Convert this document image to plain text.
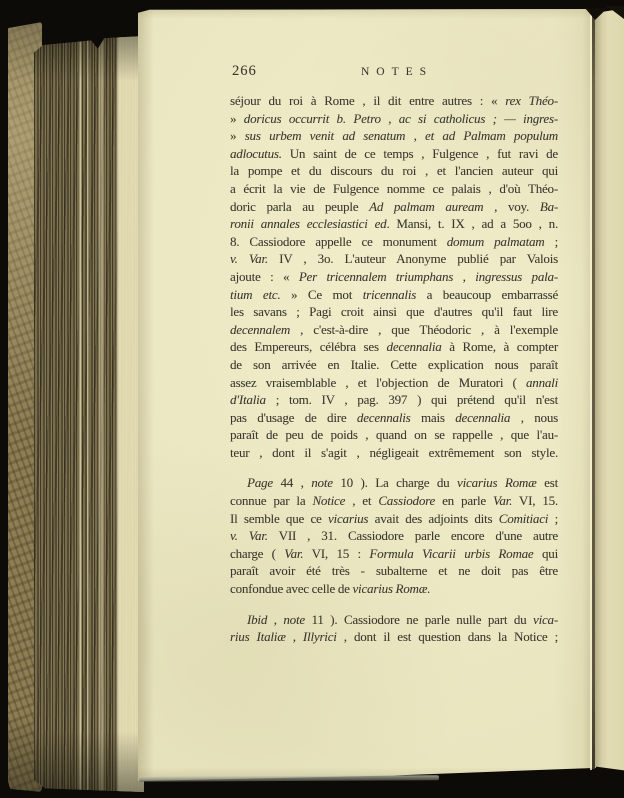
266	NOTES
séjour du roi à Rome , il dit entre autres : « rex Théo-
» doricus occurrit b. Petro , ac si catholicus ; — ingres-
» sus urbem venit ad senatum , et ad Palmam populum
adlocutus. Un saint de ce temps , Fulgence , fut ravi de
la pompe et du discours du roi , et l'ancien auteur qui
a écrit la vie de Fulgence nomme ce palais , d'où Théo-
doric parla au peuple Ad palmam auream , voy. Ba-
ronii annales ecclesiastici ed. Mansi, t. IX , ad a 5oo , n.
8. Cassiodore appelle ce monument domum palmatam ;
v. Var. IV , 3o. L'auteur Anonyme publié par Valois
ajoute : « Per tricennalem triumphans , ingressus pala-
tium etc. » Ce mot tricennalis a beaucoup embarrassé
les savans ; Pagi croit ainsi que d'autres qu'il faut lire
decennalem , c'est-à-dire , que Théodoric , à l'exemple
des Empereurs, célébra ses decennalia à Rome, à compter
de son arrivée en Italie. Cette explication nous paraît
assez vraisemblable , et l'objection de Muratori ( annali
d'Italia ; tom. IV , pag. 397 ) qui prétend qu'il n'est
pas d'usage de dire decennalis mais decennalia , nous
paraît de peu de poids , quand on se rappelle , que l'au-
teur , dont il s'agit , négligeait extrêmement son style.
Page 44 , note 10 ). La charge du vicarius Romæ est
connue par la Notice , et Cassiodore en parle Var. VI, 15.
Il semble que ce vicarius avait des adjoints dits Comitiaci ;
v. Var. VII , 31. Cassiodore parle encore d'une autre
charge ( Var. VI, 15 : Formula Vicarii urbis Romae qui
paraît avoir été très - subalterne et ne doit pas être
confondue avec celle de vicarius Romæ.
Ibid , note 11 ). Cassiodore ne parle nulle part du vica-
rius Italiæ , Illyrici , dont il est question dans la Notice ;
